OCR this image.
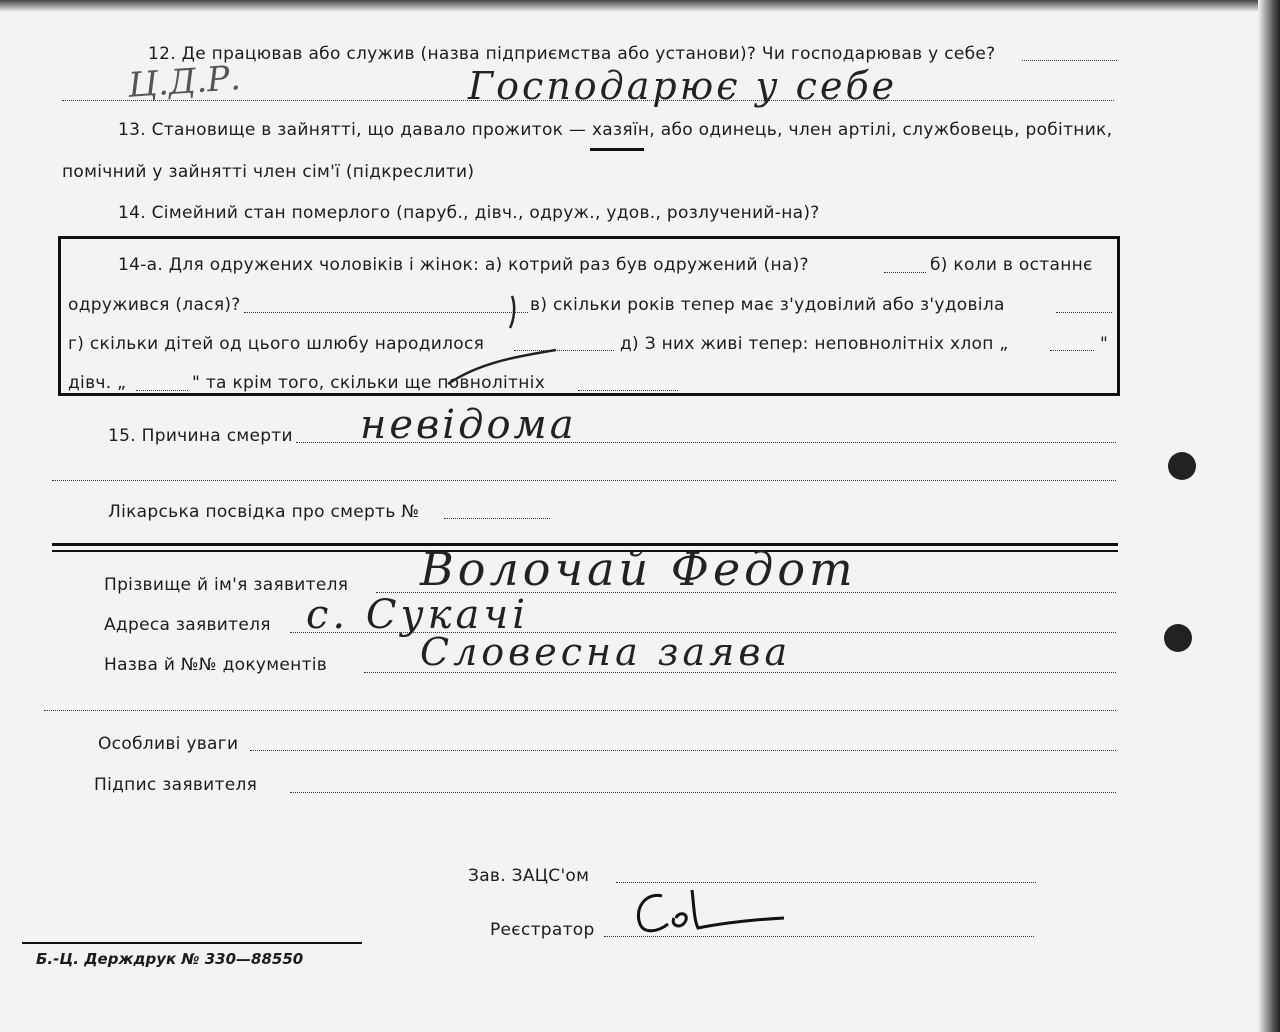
12. Де працював або служив (назва підприємства або установи)? Чи господарював у себе?
Ц.Д.Р.	Господарює у себе
13. Становище в зайнятті, що давало прожиток — хазяїн, або одинець, член артілі, службовець, робітник,
помічний у зайнятті член сім'ї (підкреслити)
14. Сімейний стан померлого (паруб., дівч., одруж., удов., розлучений-на)?
14-а. Для одружених чоловіків і жінок: а) котрий раз був одружений (на)?	б) коли в останнє
одружився (лася)?	в) скільки років тепер має з'удовілий або з'удовіла
г) скільки дітей од цього шлюбу народилося	д) З них живі тепер: неповнолітніх хлоп „	"
дівч. „	" та крім того, скільки ще повнолітніх
15. Причина смерти невідома
Лікарська посвідка про смерть №
Прізвище й ім'я заявителя Волочай Федот
Адреса заявителя с. Сукачі
Назва й №№ документів Словесна заява
Особливі уваги
Підпис заявителя
Зав. ЗАЦС'ом
Реєстратор
Б.-Ц. Держдрук № 330—88550
